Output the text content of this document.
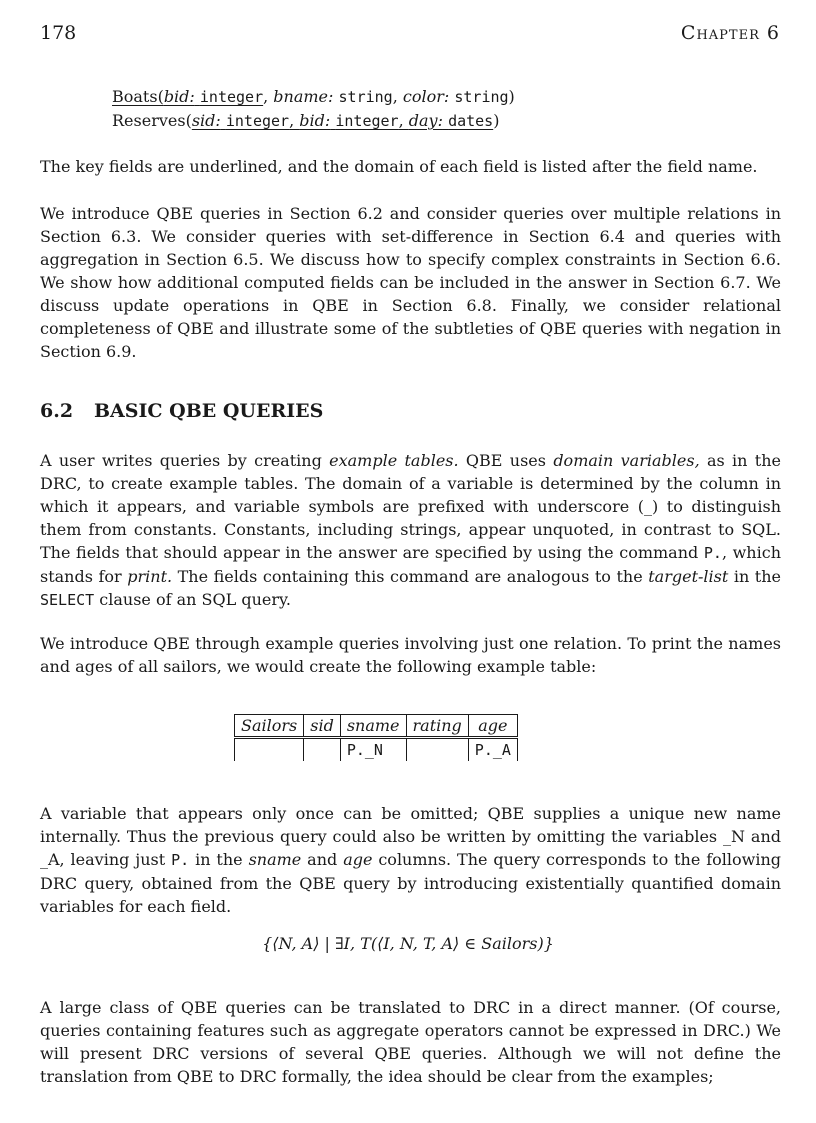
178	Chapter 6
Boats(bid: integer, bname: string, color: string)
Reserves(sid: integer, bid: integer, day: dates)

The key fields are underlined, and the domain of each field is listed after the field name.

We introduce QBE queries in Section 6.2 and consider queries over multiple relations in Section 6.3. We consider queries with set-difference in Section 6.4 and queries with aggregation in Section 6.5. We discuss how to specify complex constraints in Section 6.6. We show how additional computed fields can be included in the answer in Section 6.7. We discuss update operations in QBE in Section 6.8. Finally, we consider relational completeness of QBE and illustrate some of the subtleties of QBE queries with negation in Section 6.9.

6.2 BASIC QBE QUERIES

A user writes queries by creating example tables. QBE uses domain variables, as in the DRC, to create example tables. The domain of a variable is determined by the column in which it appears, and variable symbols are prefixed with underscore (_) to distinguish them from constants. Constants, including strings, appear unquoted, in contrast to SQL. The fields that should appear in the answer are specified by using the command P., which stands for print. The fields containing this command are analogous to the target-list in the SELECT clause of an SQL query.

We introduce QBE through example queries involving just one relation. To print the names and ages of all sailors, we would create the following example table:

Sailors	sid	sname	rating	age
		P._N		P._A

A variable that appears only once can be omitted; QBE supplies a unique new name internally. Thus the previous query could also be written by omitting the variables _N and _A, leaving just P. in the sname and age columns. The query corresponds to the following DRC query, obtained from the QBE query by introducing existentially quantified domain variables for each field.

{⟨N, A⟩ | ∃I, T(⟨I, N, T, A⟩ ∈ Sailors)}

A large class of QBE queries can be translated to DRC in a direct manner. (Of course, queries containing features such as aggregate operators cannot be expressed in DRC.) We will present DRC versions of several QBE queries. Although we will not define the translation from QBE to DRC formally, the idea should be clear from the examples;
